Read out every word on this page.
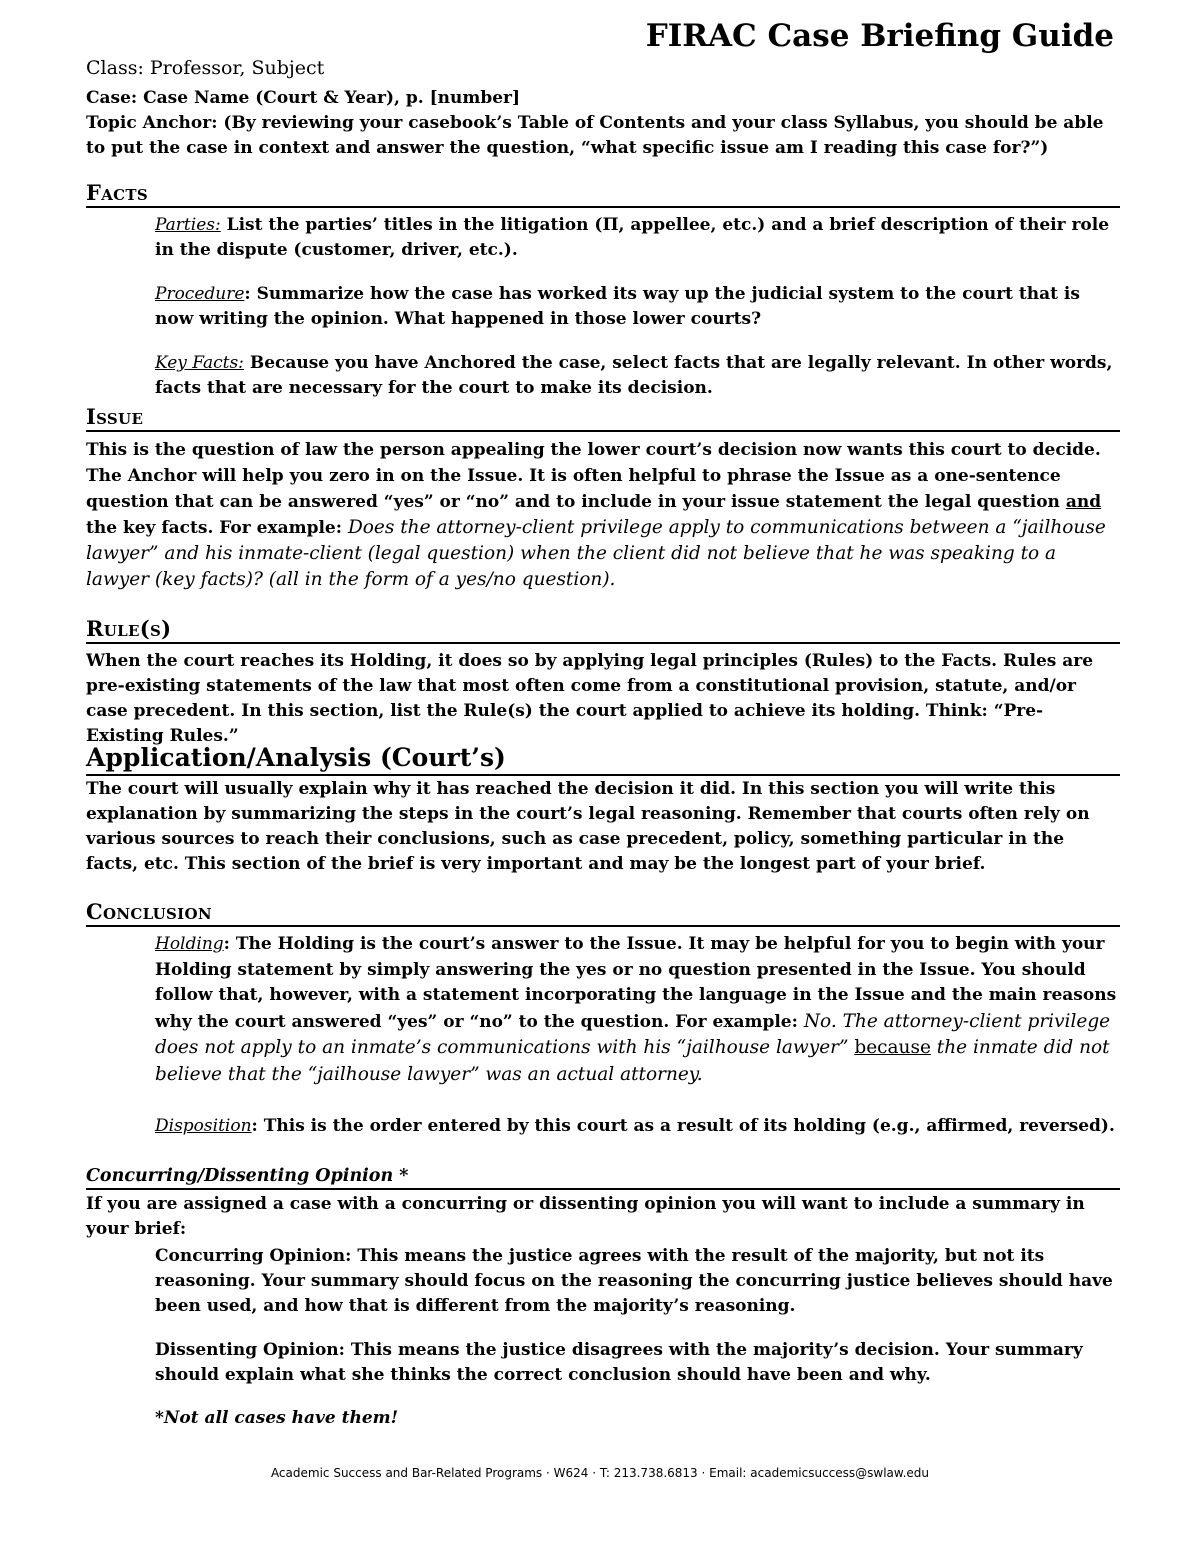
FIRAC Case Briefing Guide

Class: Professor, Subject

Case: Case Name (Court & Year), p. [number]

Topic Anchor: (By reviewing your casebook’s Table of Contents and your class Syllabus, you should be able to put the case in context and answer the question, “what specific issue am I reading this case for?”)

Facts

Parties: List the parties’ titles in the litigation (Π, appellee, etc.) and a brief description of their role in the dispute (customer, driver, etc.).

Procedure: Summarize how the case has worked its way up the judicial system to the court that is now writing the opinion. What happened in those lower courts?

Key Facts: Because you have Anchored the case, select facts that are legally relevant. In other words, facts that are necessary for the court to make its decision.

Issue

This is the question of law the person appealing the lower court’s decision now wants this court to decide. The Anchor will help you zero in on the Issue. It is often helpful to phrase the Issue as a one-sentence question that can be answered “yes” or “no” and to include in your issue statement the legal question and the key facts. For example: Does the attorney-client privilege apply to communications between a “jailhouse lawyer” and his inmate-client (legal question) when the client did not believe that he was speaking to a lawyer (key facts)? (all in the form of a yes/no question).

Rule(s)

When the court reaches its Holding, it does so by applying legal principles (Rules) to the Facts. Rules are pre-existing statements of the law that most often come from a constitutional provision, statute, and/or case precedent. In this section, list the Rule(s) the court applied to achieve its holding. Think: “Pre-Existing Rules.”

Application/Analysis (Court’s)

The court will usually explain why it has reached the decision it did. In this section you will write this explanation by summarizing the steps in the court’s legal reasoning. Remember that courts often rely on various sources to reach their conclusions, such as case precedent, policy, something particular in the facts, etc. This section of the brief is very important and may be the longest part of your brief.

Conclusion

Holding: The Holding is the court’s answer to the Issue. It may be helpful for you to begin with your Holding statement by simply answering the yes or no question presented in the Issue. You should follow that, however, with a statement incorporating the language in the Issue and the main reasons why the court answered “yes” or “no” to the question. For example: No. The attorney-client privilege does not apply to an inmate’s communications with his “jailhouse lawyer” because the inmate did not believe that the “jailhouse lawyer” was an actual attorney.

Disposition: This is the order entered by this court as a result of its holding (e.g., affirmed, reversed).

Concurring/Dissenting Opinion *

If you are assigned a case with a concurring or dissenting opinion you will want to include a summary in your brief:

Concurring Opinion: This means the justice agrees with the result of the majority, but not its reasoning. Your summary should focus on the reasoning the concurring justice believes should have been used, and how that is different from the majority’s reasoning.

Dissenting Opinion: This means the justice disagrees with the majority’s decision. Your summary should explain what she thinks the correct conclusion should have been and why.

*Not all cases have them!

Academic Success and Bar-Related Programs · W624 · T: 213.738.6813 · Email: academicsuccess@swlaw.edu
